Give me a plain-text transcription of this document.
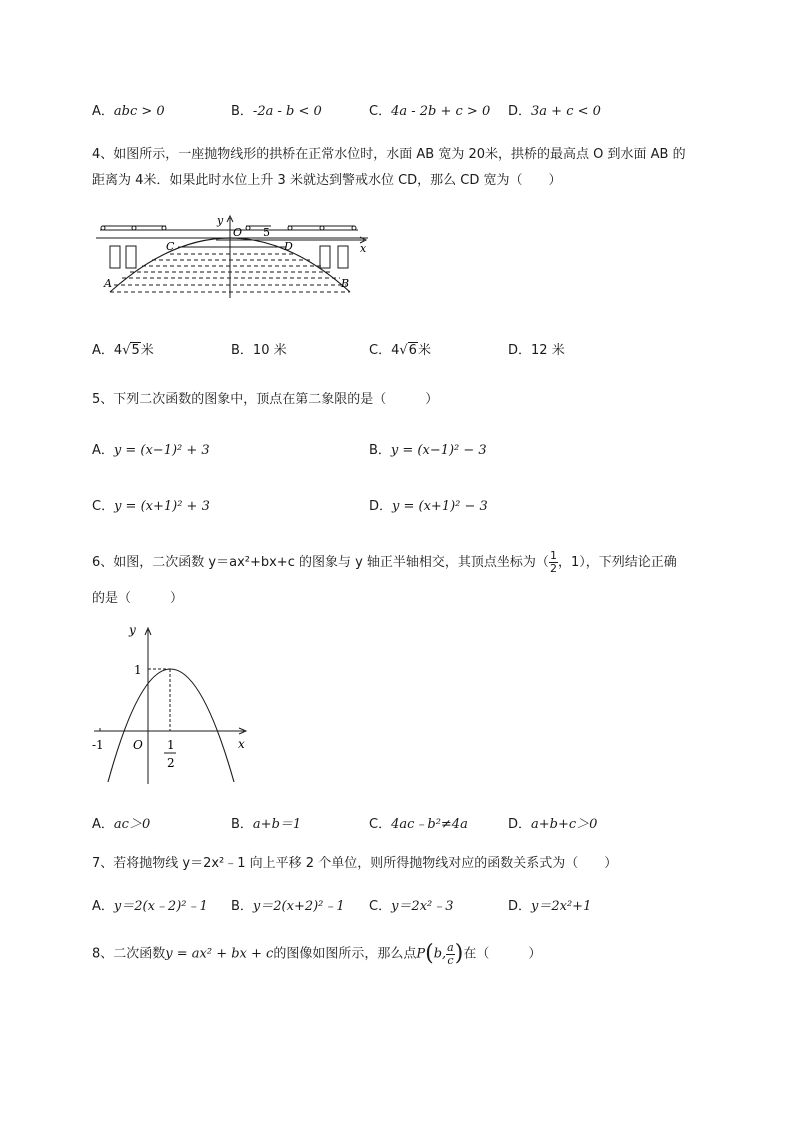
A．abc > 0	B．-2a - b < 0	C．4a - 2b + c > 0 D．3a + c < 0
4、如图所示，一座抛物线形的拱桥在正常水位时，水面 AB 宽为 20米，拱桥的最高点 O 到水面 AB 的
距离为 4米．如果此时水位上升 3 米就达到警戒水位 CD，那么 CD 宽为（　　）
y
O 5
x
C	D
A	B
A．4√5米	B．10 米	C．4√6米	D．12 米
5、下列二次函数的图象中，顶点在第二象限的是（　　　）
A．y = (x−1)² + 3	B．y = (x−1)² − 3
C．y = (x+1)² + 3	D．y = (x+1)² − 3
6、如图，二次函数 y＝ax²+bx+c 的图象与 y 轴正半轴相交，其顶点坐标为（ $\frac{1}{2}$ ，1），下列结论正确
的是（　　　）
y
x
1
-1 O 1
2
A．ac＞0	B．a+b＝1	C．4ac﹣b²≠4a	D．a+b+c＞0
7、若将抛物线 y＝2x²﹣1 向上平移 2 个单位，则所得抛物线对应的函数关系式为（　　）
A．y＝2(x﹣2)²﹣1 B．y＝2(x+2)²﹣1 C．y＝2x²﹣3	D．y＝2x²+1
8、二次函数y = ax² + bx + c的图像如图所示，那么点P(b, $\frac{a}{c}$ )在（　　　）
